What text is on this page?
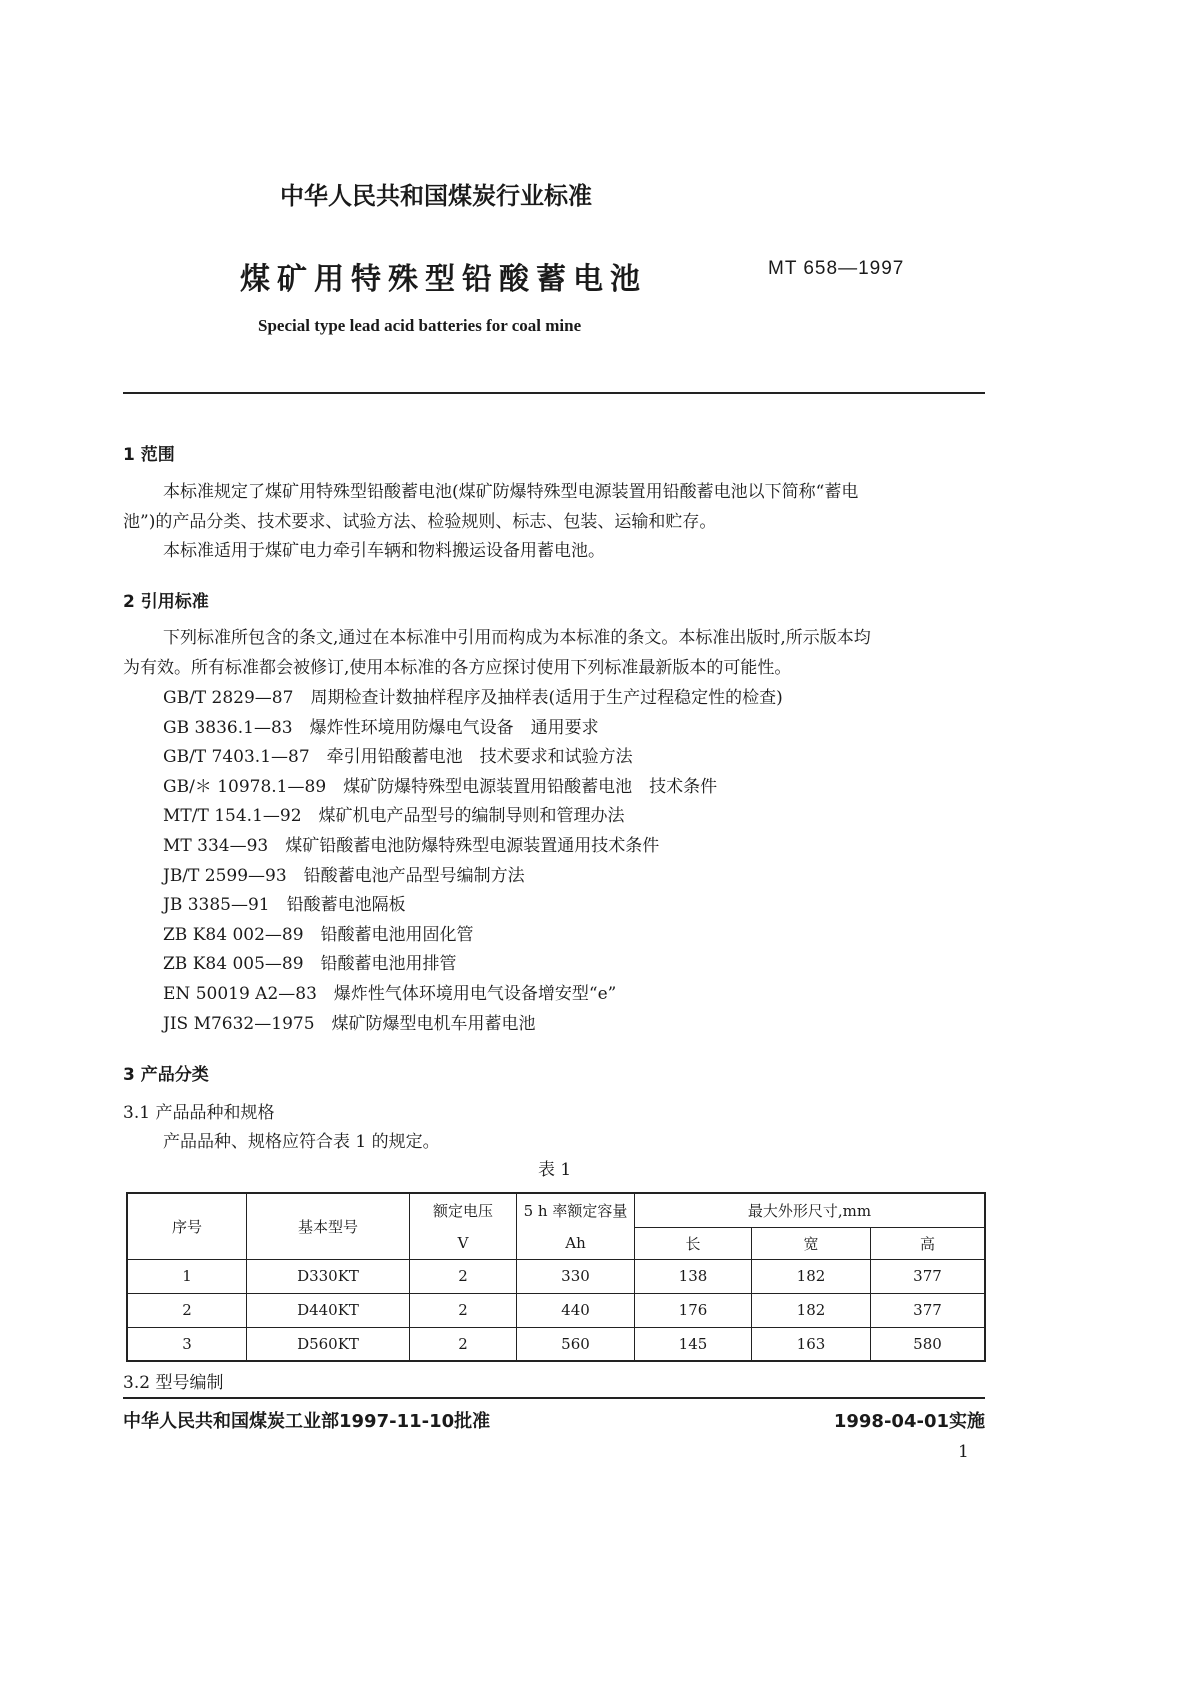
中华人民共和国煤炭行业标准
煤矿用特殊型铅酸蓄电池	MT 658—1997
Special type lead acid batteries for coal mine
1 范围
本标准规定了煤矿用特殊型铅酸蓄电池(煤矿防爆特殊型电源装置用铅酸蓄电池以下简称“蓄电
池”)的产品分类、技术要求、试验方法、检验规则、标志、包装、运输和贮存。
本标准适用于煤矿电力牵引车辆和物料搬运设备用蓄电池。
2 引用标准
下列标准所包含的条文,通过在本标准中引用而构成为本标准的条文。本标准出版时,所示版本均
为有效。所有标准都会被修订,使用本标准的各方应探讨使用下列标准最新版本的可能性。
GB/T 2829—87　周期检查计数抽样程序及抽样表(适用于生产过程稳定性的检查)
GB 3836.1—83　爆炸性环境用防爆电气设备　通用要求
GB/T 7403.1—87　牵引用铅酸蓄电池　技术要求和试验方法
GB/＊ 10978.1—89　煤矿防爆特殊型电源装置用铅酸蓄电池　技术条件
MT/T 154.1—92　煤矿机电产品型号的编制导则和管理办法
MT 334—93　煤矿铅酸蓄电池防爆特殊型电源装置通用技术条件
JB/T 2599—93　铅酸蓄电池产品型号编制方法
JB 3385—91　铅酸蓄电池隔板
ZB K84 002—89　铅酸蓄电池用固化管
ZB K84 005—89　铅酸蓄电池用排管
EN 50019 A2—83　爆炸性气体环境用电气设备增安型“e”
JIS M7632—1975　煤矿防爆型电机车用蓄电池
3 产品分类
3.1 产品品种和规格
产品品种、规格应符合表 1 的规定。
表 1
序号	基本型号	额定电压	5 h 率额定容量	最大外形尺寸,mm		
		V	Ah	长	宽	高
1	D330KT	2	330	138	182	377
2	D440KT	2	440	176	182	377
3	D560KT	2	560	145	163	580
3.2 型号编制
中华人民共和国煤炭工业部1997-11-10批准	1998-04-01实施
1
